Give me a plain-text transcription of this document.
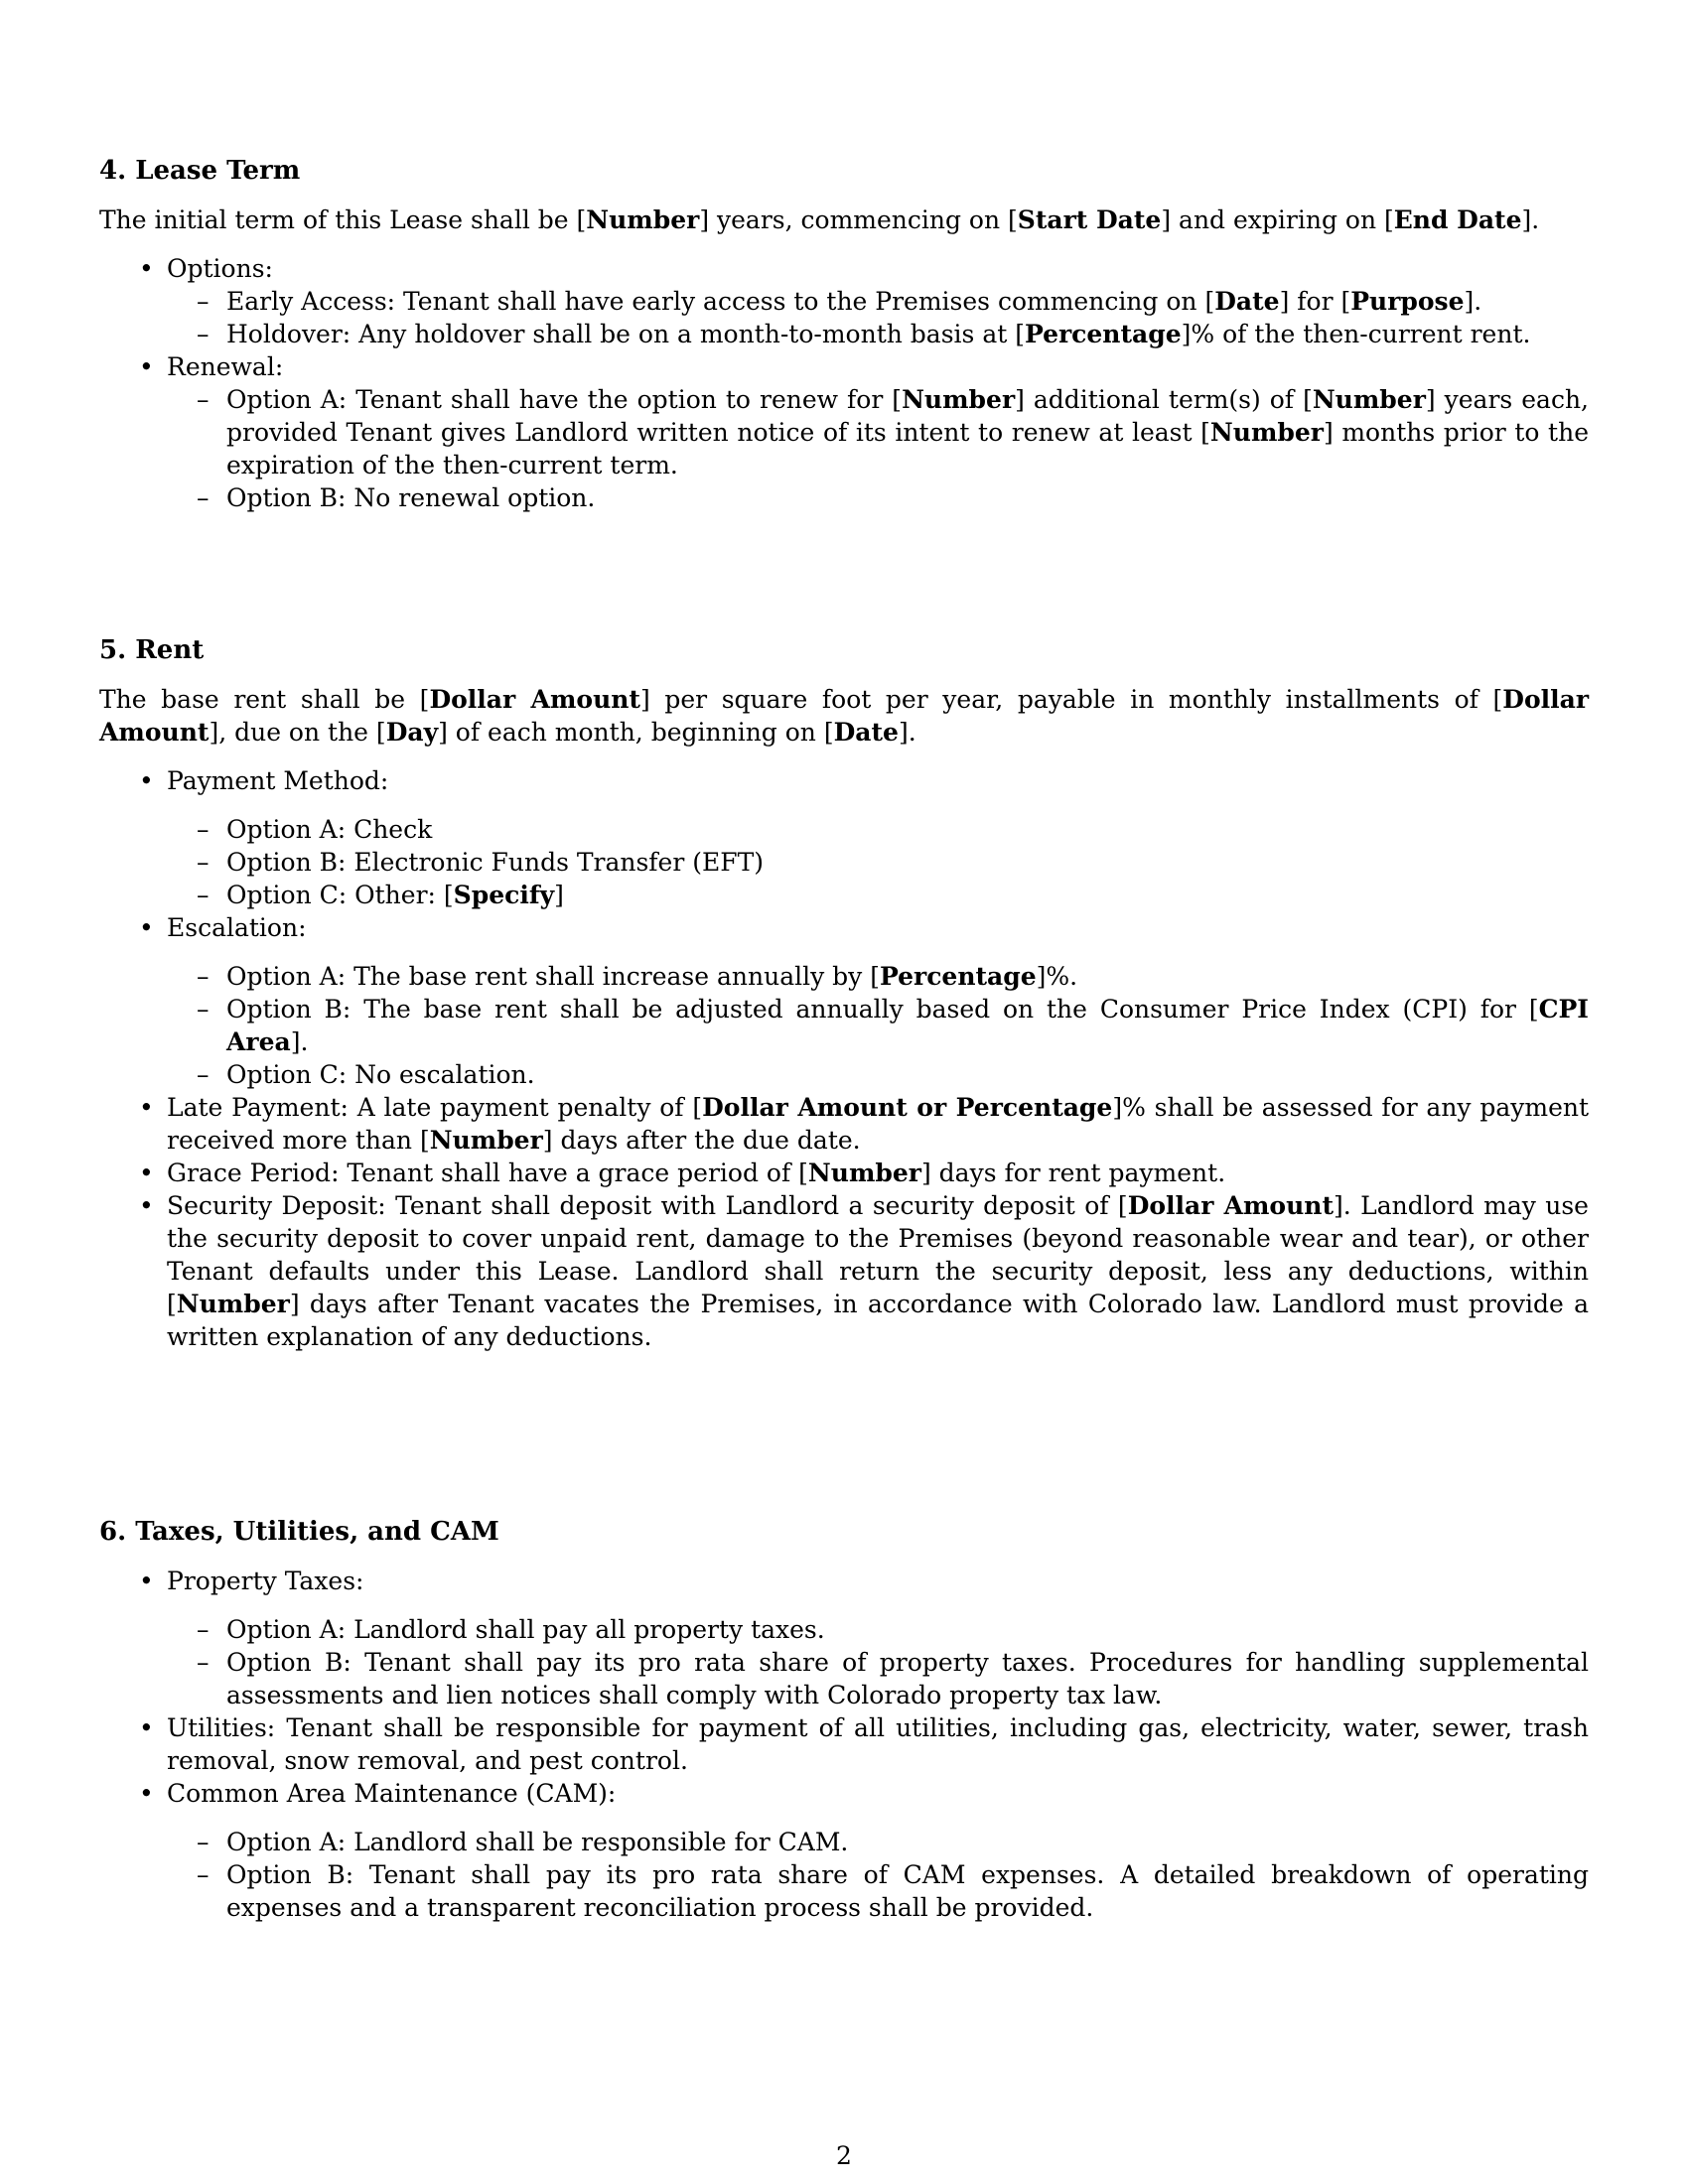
4. Lease Term

The initial term of this Lease shall be [Number] years, commencing on [Start Date] and expiring on [End Date].

• Options:
– Early Access: Tenant shall have early access to the Premises commencing on [Date] for [Purpose].
– Holdover: Any holdover shall be on a month-to-month basis at [Percentage]% of the then-current rent.
• Renewal:
– Option A: Tenant shall have the option to renew for [Number] additional term(s) of [Number] years each, provided Tenant gives Landlord written notice of its intent to renew at least [Number] months prior to the expiration of the then-current term.
– Option B: No renewal option.
5. Rent

The base rent shall be [Dollar Amount] per square foot per year, payable in monthly installments of [Dollar Amount], due on the [Day] of each month, beginning on [Date].

• Payment Method:
– Option A: Check
– Option B: Electronic Funds Transfer (EFT)
– Option C: Other: [Specify]
• Escalation:
– Option A: The base rent shall increase annually by [Percentage]%.
– Option B: The base rent shall be adjusted annually based on the Consumer Price Index (CPI) for [CPI Area].
– Option C: No escalation.
• Late Payment: A late payment penalty of [Dollar Amount or Percentage]% shall be assessed for any payment received more than [Number] days after the due date.
• Grace Period: Tenant shall have a grace period of [Number] days for rent payment.
• Security Deposit: Tenant shall deposit with Landlord a security deposit of [Dollar Amount]. Landlord may use the security deposit to cover unpaid rent, damage to the Premises (beyond reasonable wear and tear), or other Tenant defaults under this Lease. Landlord shall return the security deposit, less any deductions, within [Number] days after Tenant vacates the Premises, in accordance with Colorado law. Landlord must provide a written explanation of any deductions.
6. Taxes, Utilities, and CAM
• Property Taxes:
– Option A: Landlord shall pay all property taxes.
– Option B: Tenant shall pay its pro rata share of property taxes. Procedures for handling supplemental assessments and lien notices shall comply with Colorado property tax law.
• Utilities: Tenant shall be responsible for payment of all utilities, including gas, electricity, water, sewer, trash removal, snow removal, and pest control.
• Common Area Maintenance (CAM):
– Option A: Landlord shall be responsible for CAM.
– Option B: Tenant shall pay its pro rata share of CAM expenses. A detailed breakdown of operating expenses and a transparent reconciliation process shall be provided.
2
